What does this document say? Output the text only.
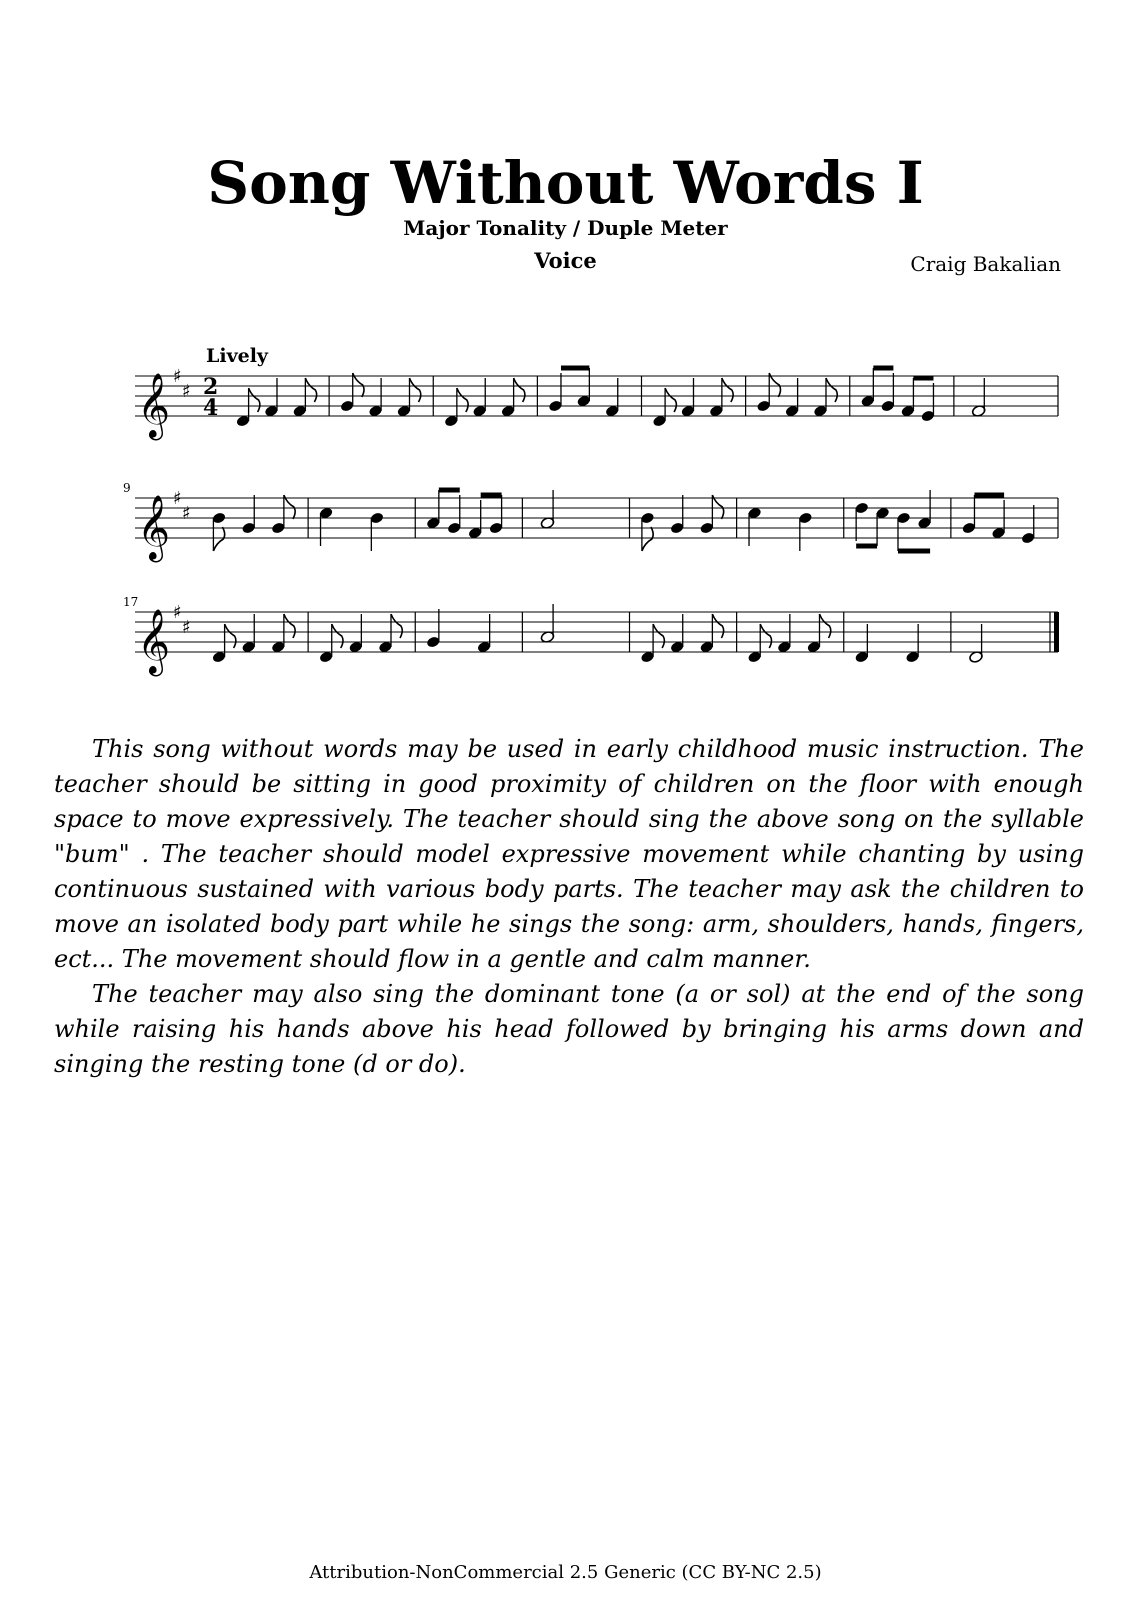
Song Without Words I
Major Tonality / Duple Meter
Voice	Craig Bakalian
Lively
𝄞 ♯
♯ 2
4
𝄞 ♯
♯
9
𝄞 ♯
♯
17

This song without words may be used in early childhood music instruction. The teacher should be sitting in good proximity of children on the floor with enough space to move expressively. The teacher should sing the above song on the syllable "bum" . The teacher should model expressive movement while chanting by using continuous sustained with various body parts. The teacher may ask the children to move an isolated body part while he sings the song: arm, shoulders, hands, fingers, ect... The movement should flow in a gentle and calm manner.

The teacher may also sing the dominant tone (a or sol) at the end of the song while raising his hands above his head followed by bringing his arms down and singing the resting tone (d or do).

Attribution-NonCommercial 2.5 Generic (CC BY-NC 2.5)
